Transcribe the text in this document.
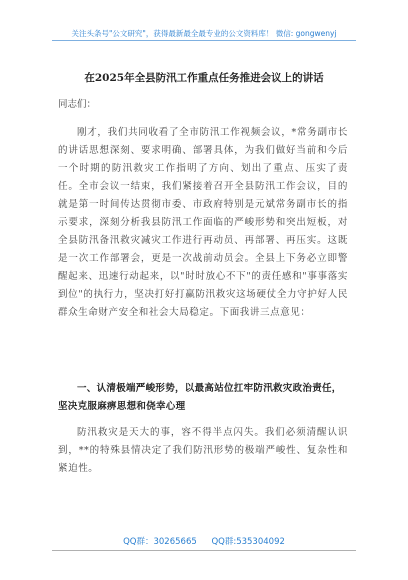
关注头条号"公文研究"，获得最新最全最专业的公文资料库！ 微信: gongwenyj
在2025年全县防汛工作重点任务推进会议上的讲话
同志们：

刚才，我们共同收看了全市防汛工作视频会议，*常务副市长的讲话思想深刻、要求明确、部署具体，为我们做好当前和今后一个时期的防汛救灾工作指明了方向、划出了重点、压实了责任。全市会议一结束，我们紧接着召开全县防汛工作会议，目的就是第一时间传达贯彻市委、市政府特别是元斌常务副市长的指示要求，深刻分析我县防汛工作面临的严峻形势和突出短板，对全县防汛备汛救灾减灾工作进行再动员、再部署、再压实。这既是一次工作部署会，更是一次战前动员会。全县上下务必立即警醒起来、迅速行动起来，以"时时放心不下"的责任感和"事事落实到位"的执行力，坚决打好打赢防汛救灾这场硬仗全力守护好人民群众生命财产安全和社会大局稳定。下面我讲三点意见：

一、认清极端严峻形势，以最高站位扛牢防汛救灾政治责任，坚决克服麻痹思想和侥幸心理

防汛救灾是天大的事，容不得半点闪失。我们必须清醒认识到，**的特殊县情决定了我们防汛形势的极端严峻性、复杂性和紧迫性。

QQ群：30265665 QQ群:535304092
